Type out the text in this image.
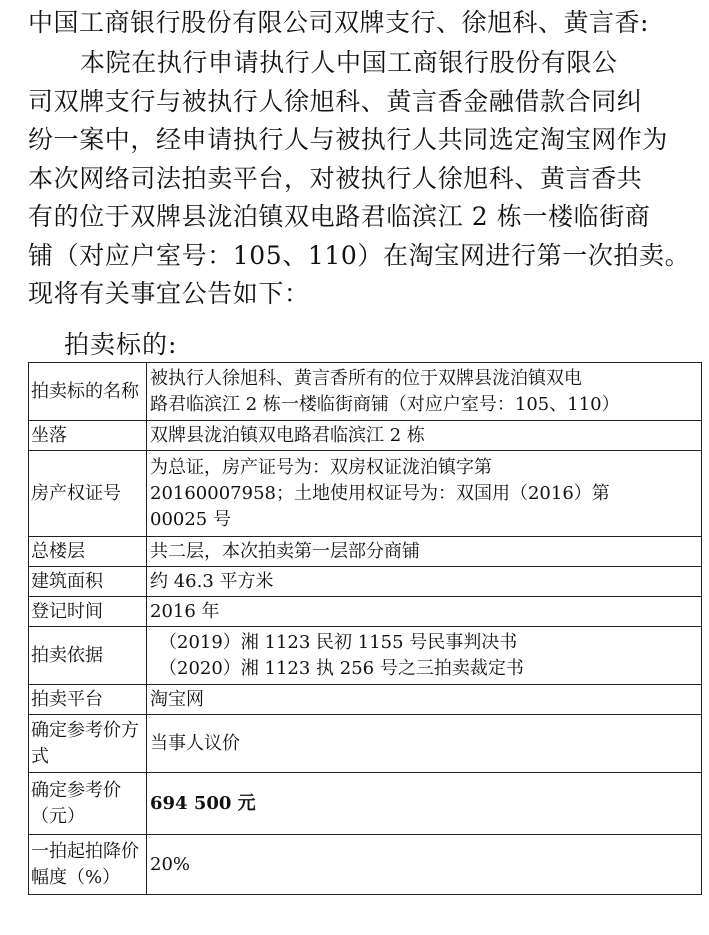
中国工商银行股份有限公司双牌支行、徐旭科、黄言香:
本院在执行申请执行人中国工商银行股份有限公
司双牌支行与被执行人徐旭科、黄言香金融借款合同纠
纷一案中，经申请执行人与被执行人共同选定淘宝网作为
本次网络司法拍卖平台，对被执行人徐旭科、黄言香共
有的位于双牌县泷泊镇双电路君临滨江 2 栋一楼临街商
铺（对应户室号：105、110）在淘宝网进行第一次拍卖。
现将有关事宜公告如下：
拍卖标的:
拍卖标的名称	被执行人徐旭科、黄言香所有的位于双牌县泷泊镇双电
路君临滨江 2 栋一楼临街商铺（对应户室号：105、110）

坐落	双牌县泷泊镇双电路君临滨江 2 栋

房产权证号	为总证，房产证号为：双房权证泷泊镇字第
20160007958；土地使用权证号为：双国用（2016）第
00025 号

总楼层	共二层，本次拍卖第一层部分商铺

建筑面积	约 46.3 平方米

登记时间	2016 年

拍卖依据	（2019）湘 1123 民初 1155 号民事判决书
（2020）湘 1123 执 256 号之三拍卖裁定书

拍卖平台	淘宝网

确定参考价方式	当事人议价

确定参考价（元）	694 500 元

一拍起拍降价幅度（%）	20%
